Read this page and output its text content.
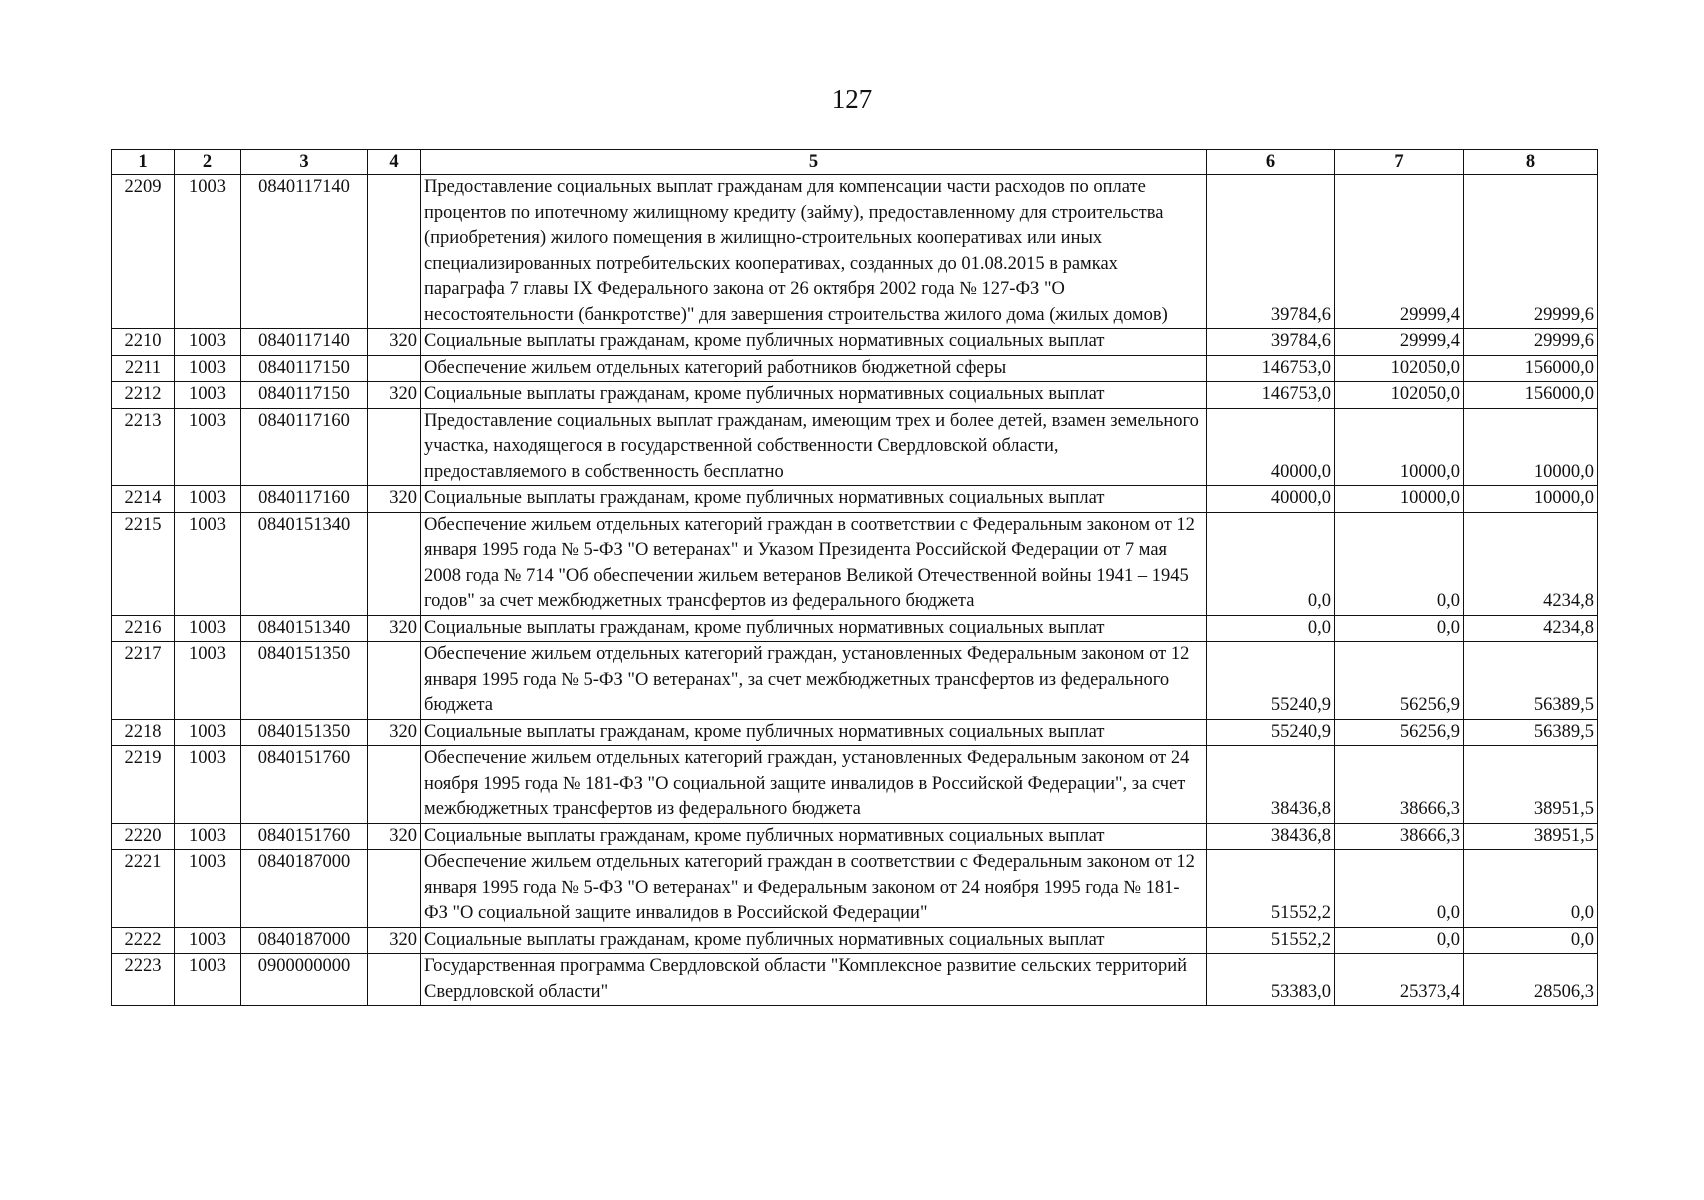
127
1	2	3	4	5	6	7	8
2209	1003	0840117140		Предоставление социальных выплат гражданам для компенсации части расходов по оплате процентов по ипотечному жилищному кредиту (займу), предоставленному для строительства (приобретения) жилого помещения в жилищно-строительных кооперативах или иных специализированных потребительских кооперативах, созданных до 01.08.2015 в рамках параграфа 7 главы IX Федерального закона от 26 октября 2002 года № 127-ФЗ "О несостоятельности (банкротстве)" для завершения строительства жилого дома (жилых домов)	39784,6	29999,4	29999,6
2210	1003	0840117140	320	Социальные выплаты гражданам, кроме публичных нормативных социальных выплат	39784,6	29999,4	29999,6
2211	1003	0840117150		Обеспечение жильем отдельных категорий работников бюджетной сферы	146753,0	102050,0	156000,0
2212	1003	0840117150	320	Социальные выплаты гражданам, кроме публичных нормативных социальных выплат	146753,0	102050,0	156000,0
2213	1003	0840117160		Предоставление социальных выплат гражданам, имеющим трех и более детей, взамен земельного участка, находящегося в государственной собственности Свердловской области, предоставляемого в собственность бесплатно	40000,0	10000,0	10000,0
2214	1003	0840117160	320	Социальные выплаты гражданам, кроме публичных нормативных социальных выплат	40000,0	10000,0	10000,0
2215	1003	0840151340		Обеспечение жильем отдельных категорий граждан в соответствии с Федеральным законом от 12 января 1995 года № 5-ФЗ "О ветеранах" и Указом Президента Российской Федерации от 7 мая 2008 года № 714 "Об обеспечении жильем ветеранов Великой Отечественной войны 1941 – 1945 годов" за счет межбюджетных трансфертов из федерального бюджета	0,0	0,0	4234,8
2216	1003	0840151340	320	Социальные выплаты гражданам, кроме публичных нормативных социальных выплат	0,0	0,0	4234,8
2217	1003	0840151350		Обеспечение жильем отдельных категорий граждан, установленных Федеральным законом от 12 января 1995 года № 5-ФЗ "О ветеранах", за счет межбюджетных трансфертов из федерального бюджета	55240,9	56256,9	56389,5
2218	1003	0840151350	320	Социальные выплаты гражданам, кроме публичных нормативных социальных выплат	55240,9	56256,9	56389,5
2219	1003	0840151760		Обеспечение жильем отдельных категорий граждан, установленных Федеральным законом от 24 ноября 1995 года № 181-ФЗ "О социальной защите инвалидов в Российской Федерации", за счет межбюджетных трансфертов из федерального бюджета	38436,8	38666,3	38951,5
2220	1003	0840151760	320	Социальные выплаты гражданам, кроме публичных нормативных социальных выплат	38436,8	38666,3	38951,5
2221	1003	0840187000		Обеспечение жильем отдельных категорий граждан в соответствии с Федеральным законом от 12 января 1995 года № 5-ФЗ "О ветеранах" и Федеральным законом от 24 ноября 1995 года № 181-ФЗ "О социальной защите инвалидов в Российской Федерации"	51552,2	0,0	0,0
2222	1003	0840187000	320	Социальные выплаты гражданам, кроме публичных нормативных социальных выплат	51552,2	0,0	0,0
2223	1003	0900000000		Государственная программа Свердловской области "Комплексное развитие сельских территорий Свердловской области"	53383,0	25373,4	28506,3
